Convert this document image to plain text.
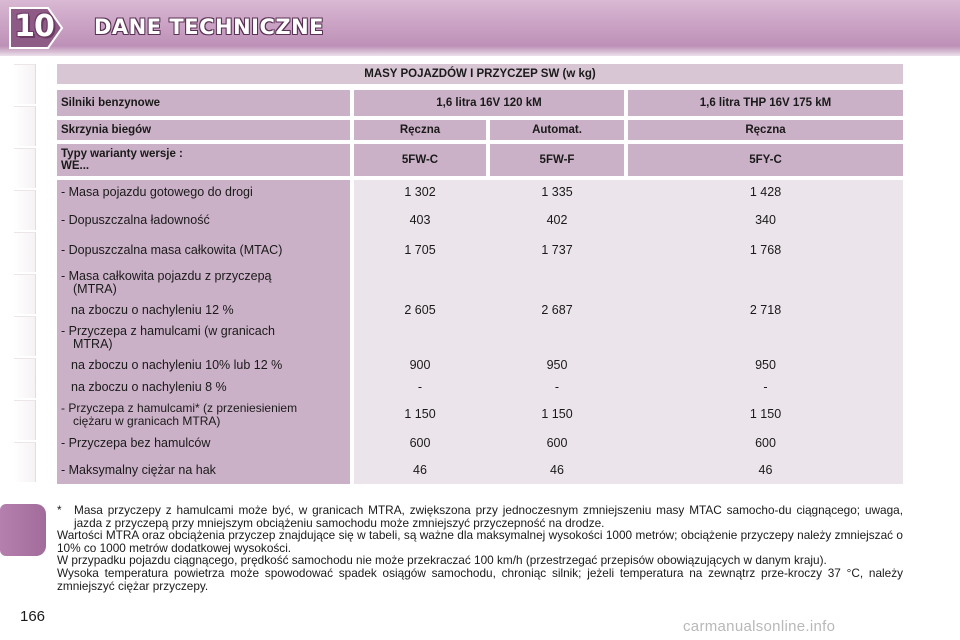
10 DANE TECHNICZNE
MASY POJAZDÓW I PRZYCZEP SW (w kg)
Silniki benzynowe	1,6 litra 16V 120 kM	1,6 litra THP 16V 175 kM
Skrzynia biegów	Ręczna	Automat.	Ręczna
Typy warianty wersje :
WE...	5FW-C	5FW-F	5FY-C
- Masa pojazdu gotowego do drogi	1 302	1 335	1 428
- Dopuszczalna ładowność	403	402	340
- Dopuszczalna masa całkowita (MTAC)	1 705	1 737	1 768
- Masa całkowita pojazdu z przyczepą
(MTRA)
na zboczu o nachyleniu 12 %	2 605	2 687	2 718
- Przyczepa z hamulcami (w granicach
MTRA)
na zboczu o nachyleniu 10% lub 12 %	900	950	950
na zboczu o nachyleniu 8 %	-	-	-
- Przyczepa z hamulcami* (z przeniesieniem
ciężaru w granicach MTRA)	1 150	1 150	1 150
- Przyczepa bez hamulców	600	600	600
- Maksymalny ciężar na hak	46	46	46
*	Masa przyczepy z hamulcami może być, w granicach MTRA, zwiększona przy jednoczesnym zmniejszeniu masy MTAC samocho-du ciągnącego; uwaga, jazda z przyczepą przy mniejszym obciążeniu samochodu może zmniejszyć przyczepność na drodze.

Wartości MTRA oraz obciążenia przyczep znajdujące się w tabeli, są ważne dla maksymalnej wysokości 1000 metrów; obciążenie przyczepy należy zmniejszać o 10% co 1000 metrów dodatkowej wysokości.

W przypadku pojazdu ciągnącego, prędkość samochodu nie może przekraczać 100 km/h (przestrzegać przepisów obowiązujących w danym kraju).

Wysoka temperatura powietrza może spowodować spadek osiągów samochodu, chroniąc silnik; jeżeli temperatura na zewnątrz prze-kroczy 37 °C, należy zmniejszyć ciężar przyczepy.

166
carmanualsonline.info
